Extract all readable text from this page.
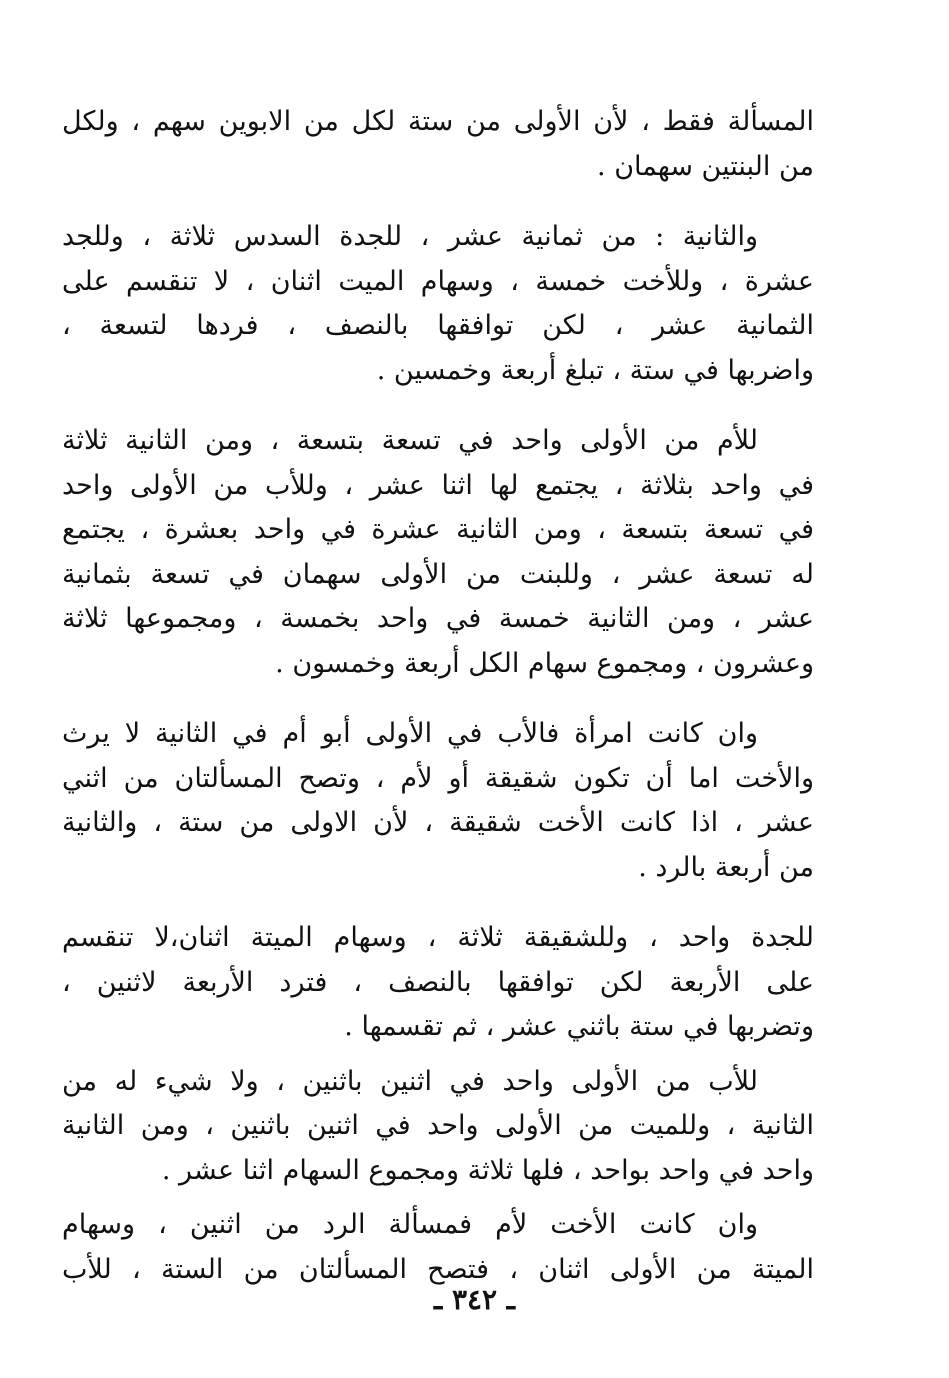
المسألة فقط ، لأن الأولى من ستة لكل من الابوين سهم ، ولكل
من البنتين سهمان .

والثانية : من ثمانية عشر ، للجدة السدس ثلاثة ، وللجد
عشرة ، وللأخت خمسة ، وسهام الميت اثنان ، لا تنقسم على
الثمانية عشر ، لكن توافقها بالنصف ، فردها لتسعة ،
واضربها في ستة ، تبلغ أربعة وخمسين .

للأم من الأولى واحد في تسعة بتسعة ، ومن الثانية ثلاثة
في واحد بثلاثة ، يجتمع لها اثنا عشر ، وللأب من الأولى واحد
في تسعة بتسعة ، ومن الثانية عشرة في واحد بعشرة ، يجتمع
له تسعة عشر ، وللبنت من الأولى سهمان في تسعة بثمانية
عشر ، ومن الثانية خمسة في واحد بخمسة ، ومجموعها ثلاثة
وعشرون ، ومجموع سهام الكل أربعة وخمسون .

وان كانت امرأة فالأب في الأولى أبو أم في الثانية لا يرث
والأخت اما أن تكون شقيقة أو لأم ، وتصح المسألتان من اثني
عشر ، اذا كانت الأخت شقيقة ، لأن الاولى من ستة ، والثانية
من أربعة بالرد .

للجدة واحد ، وللشقيقة ثلاثة ، وسهام الميتة اثنان،لا تنقسم
على الأربعة لكن توافقها بالنصف ، فترد الأربعة لاثنين ،
وتضربها في ستة باثني عشر ، ثم تقسمها .

للأب من الأولى واحد في اثنين باثنين ، ولا شيء له من
الثانية ، وللميت من الأولى واحد في اثنين باثنين ، ومن الثانية
واحد في واحد بواحد ، فلها ثلاثة ومجموع السهام اثنا عشر .

وان كانت الأخت لأم فمسألة الرد من اثنين ، وسهام
الميتة من الأولى اثنان ، فتصح المسألتان من الستة ، للأب

ـ ٣٤٢ ـ
